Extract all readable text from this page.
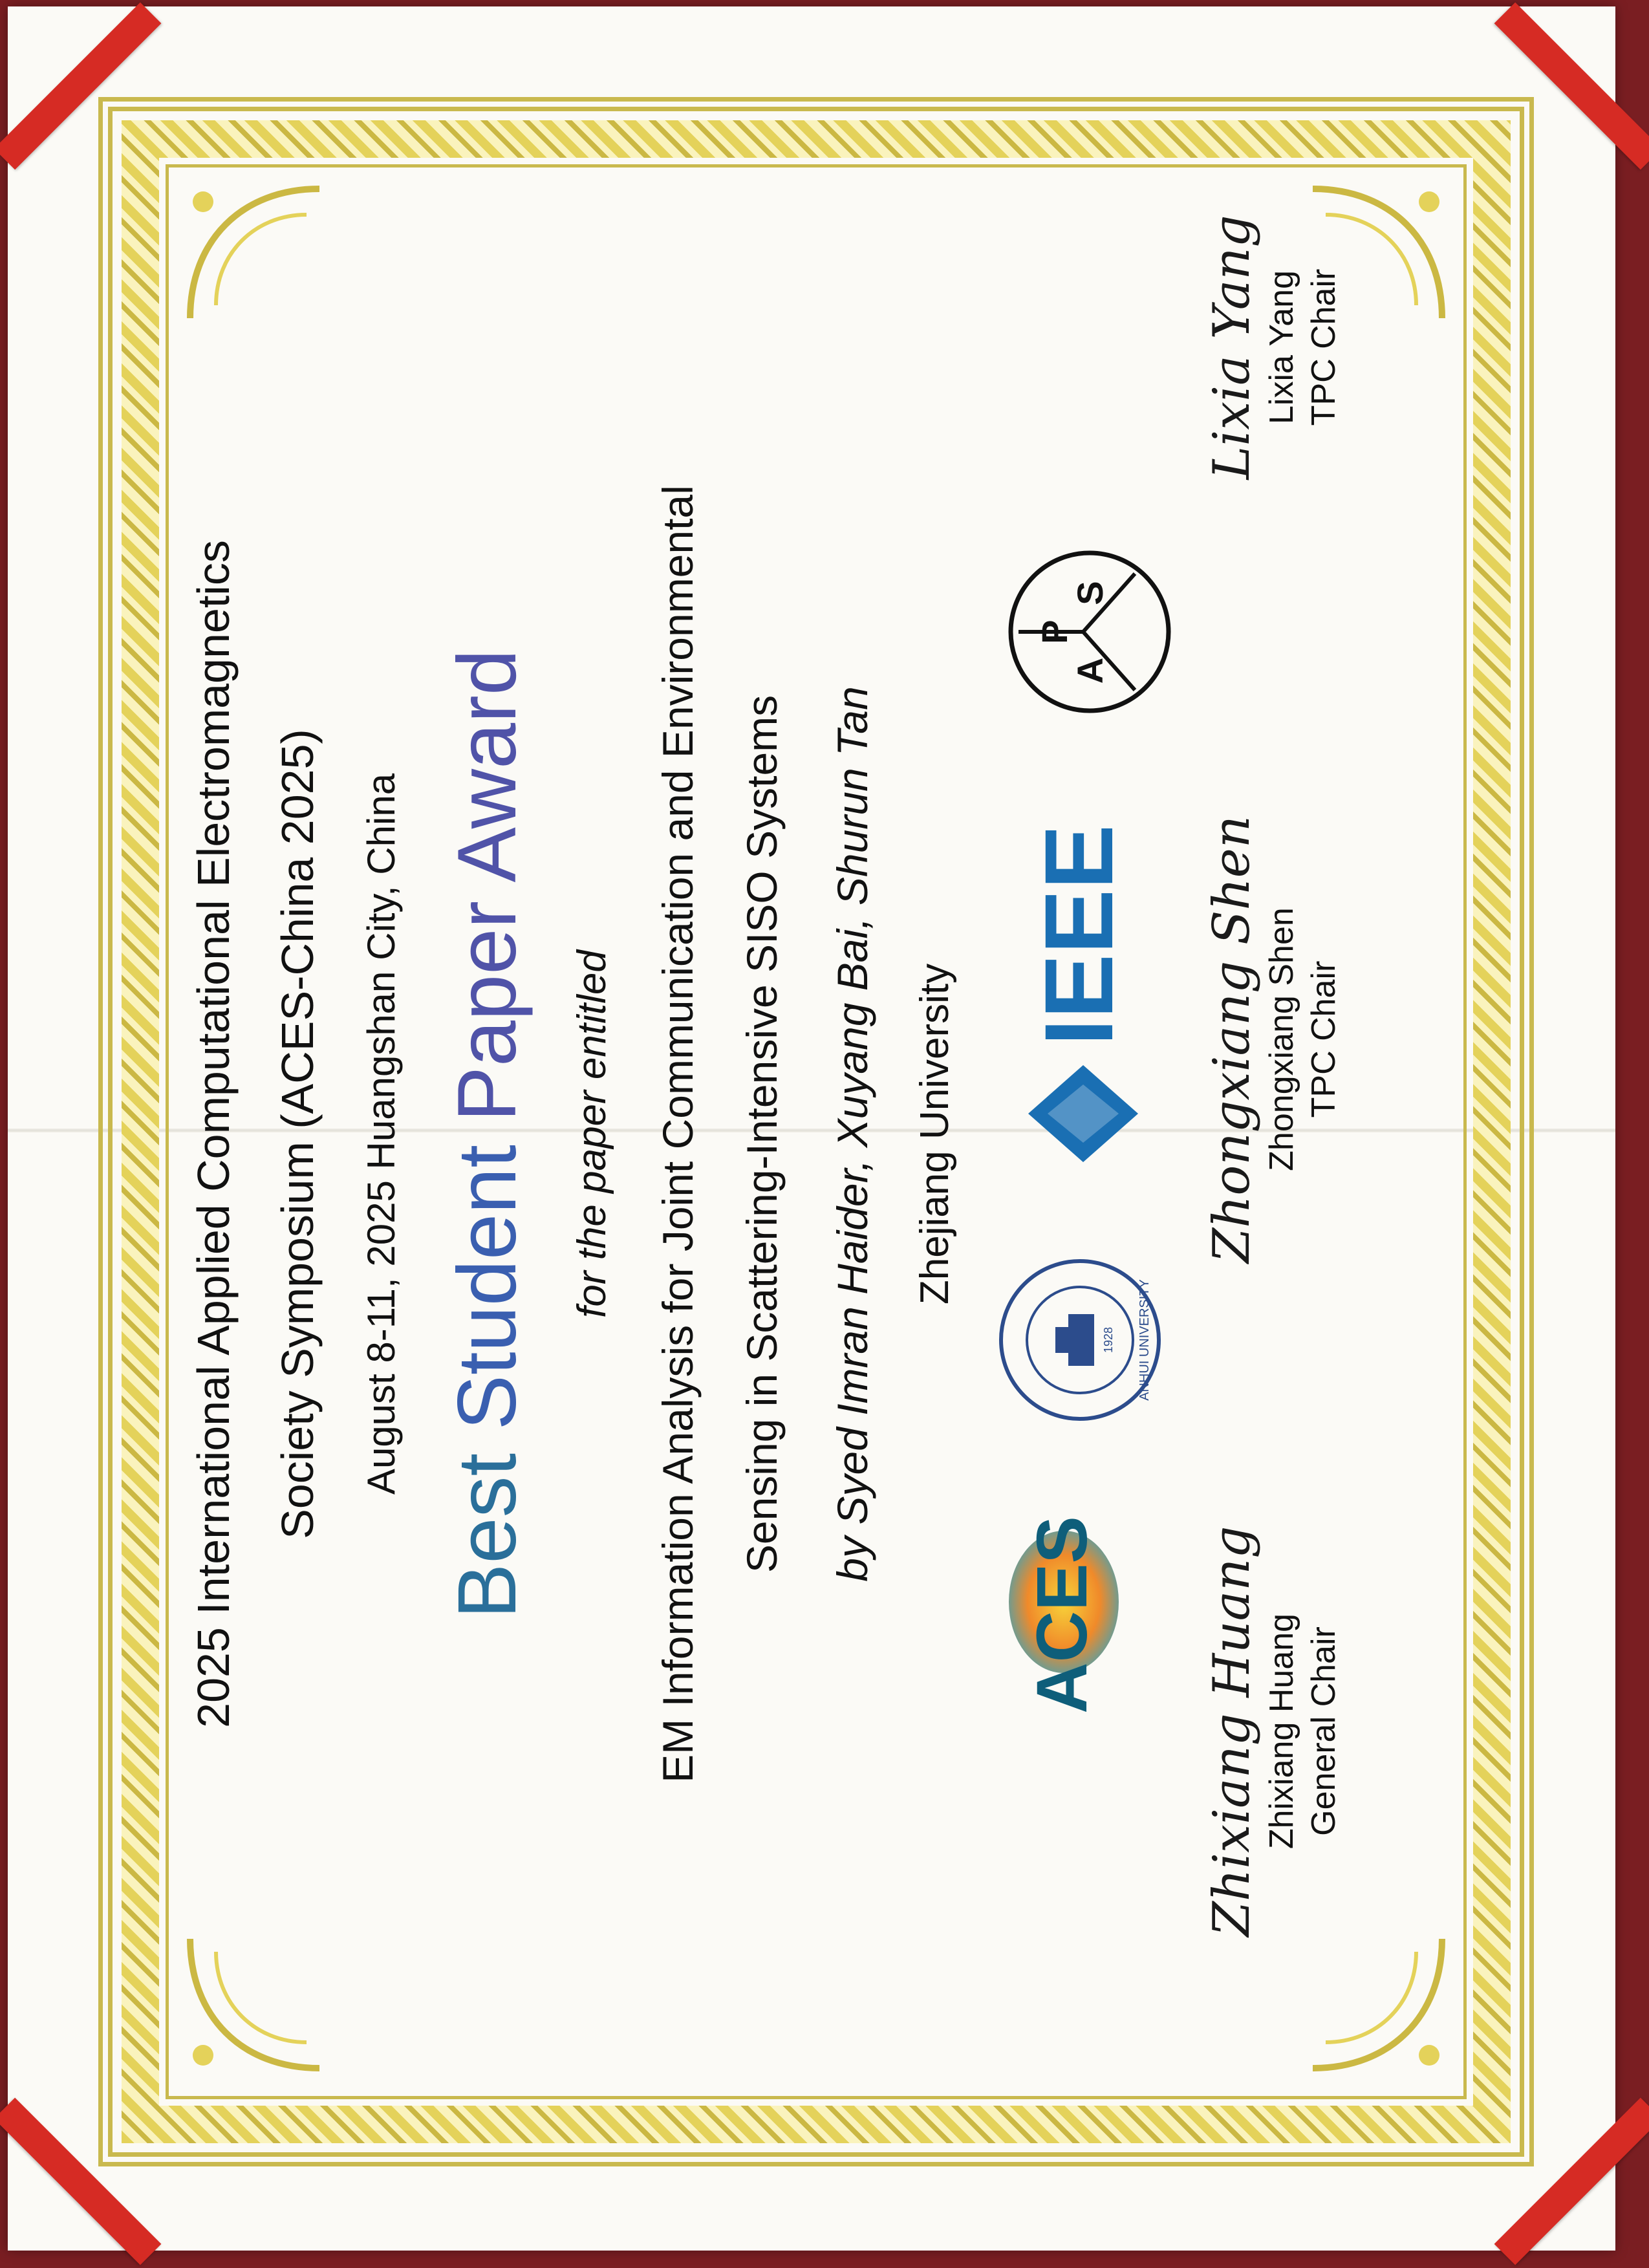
2025 International Applied Computational Electromagnetics Society Symposium (ACES-China 2025) August 8-11, 2025 Huangshan City, China
Best Student Paper Award
for the paper entitled EM Information Analysis for Joint Communication and Environmental Sensing in Scattering-Intensive SISO Systems by Syed Imran Haider, Xuyang Bai, Shurun Tan Zhejiang University
ACES
1928 ANHUI UNIVERSITY
IEEE
A
P
S
Zhixiang Huang Zhixiang Huang General Chair
Zhongxiang Shen Zhongxiang Shen TPC Chair
Lixia Yang Lixia Yang TPC Chair
